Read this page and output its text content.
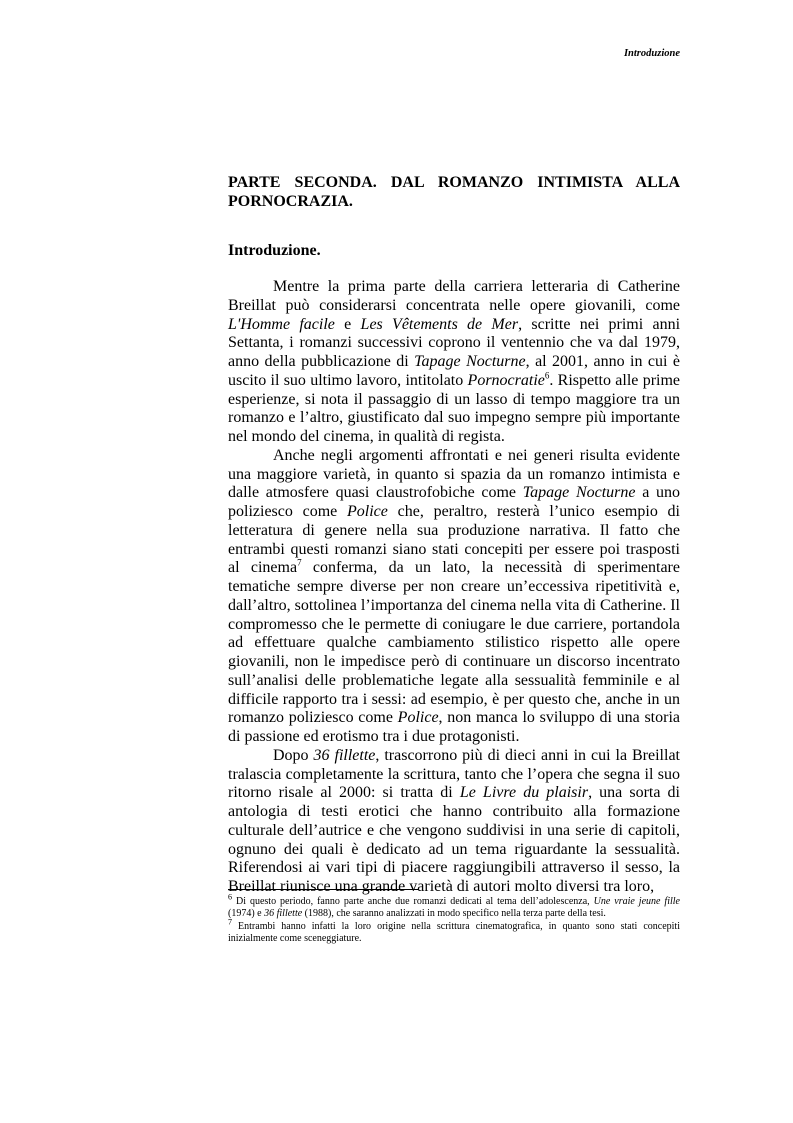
Introduzione
PARTE SECONDA. DAL ROMANZO INTIMISTA ALLA
PORNOCRAZIA.
Introduzione.

Mentre la prima parte della carriera letteraria di Catherine Breillat può considerarsi concentrata nelle opere giovanili, come L'Homme facile e Les Vêtements de Mer, scritte nei primi anni Settanta, i romanzi successivi coprono il ventennio che va dal 1979, anno della pubblicazione di Tapage Nocturne, al 2001, anno in cui è uscito il suo ultimo lavoro, intitolato Pornocratie$^6$. Rispetto alle prime esperienze, si nota il passaggio di un lasso di tempo maggiore tra un romanzo e l’altro, giustificato dal suo impegno sempre più importante nel mondo del cinema, in qualità di regista.

Anche negli argomenti affrontati e nei generi risulta evidente una maggiore varietà, in quanto si spazia da un romanzo intimista e dalle atmosfere quasi claustrofobiche come Tapage Nocturne a uno poliziesco come Police che, peraltro, resterà l’unico esempio di letteratura di genere nella sua produzione narrativa. Il fatto che entrambi questi romanzi siano stati concepiti per essere poi trasposti al cinema$^7$ conferma, da un lato, la necessità di sperimentare tematiche sempre diverse per non creare un’eccessiva ripetitività e, dall’altro, sottolinea l’importanza del cinema nella vita di Catherine. Il compromesso che le permette di coniugare le due carriere, portandola ad effettuare qualche cambiamento stilistico rispetto alle opere giovanili, non le impedisce però di continuare un discorso incentrato sull’analisi delle problematiche legate alla sessualità femminile e al difficile rapporto tra i sessi: ad esempio, è per questo che, anche in un romanzo poliziesco come Police, non manca lo sviluppo di una storia di passione ed erotismo tra i due protagonisti.

Dopo 36 fillette, trascorrono più di dieci anni in cui la Breillat tralascia completamente la scrittura, tanto che l’opera che segna il suo ritorno risale al 2000: si tratta di Le Livre du plaisir, una sorta di antologia di testi erotici che hanno contribuito alla formazione culturale dell’autrice e che vengono suddivisi in una serie di capitoli, ognuno dei quali è dedicato ad un tema riguardante la sessualità. Riferendosi ai vari tipi di piacere raggiungibili attraverso il sesso, la Breillat riunisce una grande varietà di autori molto diversi tra loro,

$^6$ Di questo periodo, fanno parte anche due romanzi dedicati al tema dell’adolescenza, Une vraie jeune fille (1974) e 36 fillette (1988), che saranno analizzati in modo specifico nella terza parte della tesi.
$^7$ Entrambi hanno infatti la loro origine nella scrittura cinematografica, in quanto sono stati concepiti inizialmente come sceneggiature.
